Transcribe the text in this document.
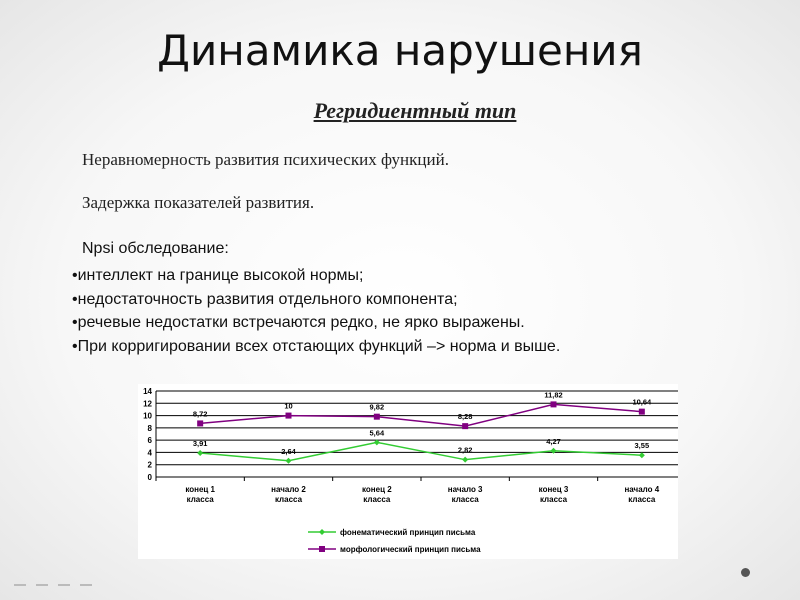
Динамика нарушения
Регридиентный тип
Неравномерность развития психических функций.
Задержка показателей развития.
Npsi обследование:
•интеллект на границе высокой нормы;
•недостаточность развития отдельного компонента;
•речевые недостатки встречаются редко, не ярко выражены.
•При корригировании всех отстающих функций –> норма и выше.
0
2
4
6
8
10
12
14
конец 1
класса
начало 2
класса
конец 2
класса
начало 3
класса
конец 3
класса
начало 4
класса
3,91
2,64
5,64
2,82
4,27	3,55
8,72
10	9,82
8,28
11,82
10,64
фонематический принцип письма
морфологический принцип письма
